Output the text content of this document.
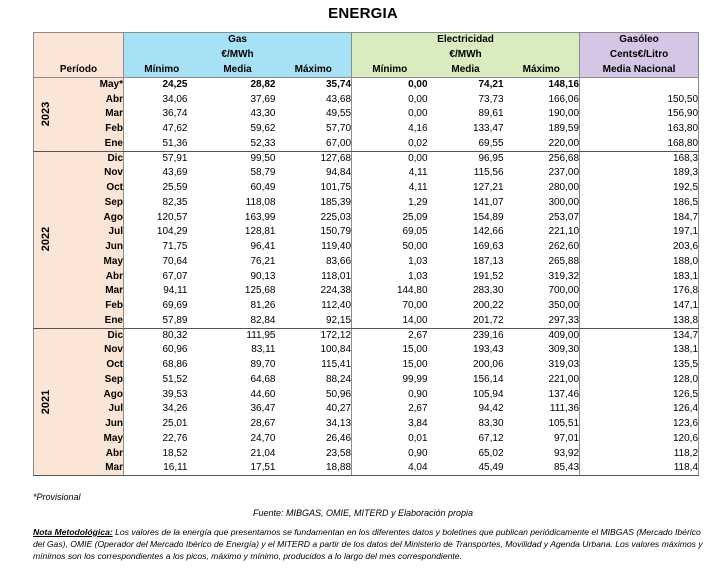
ENERGIA
		Gas			Electricidad			Gasóleo
		€/MWh			€/MWh			Cents€/Litro
Período		Mínimo	Media	Máximo	Mínimo	Media	Máximo	Media Nacional
2023	May*	24,25	28,82	35,74	0,00	74,21	148,16	
	Abr	34,06	37,69	43,68	0,00	73,73	166,06	150,50
	Mar	36,74	43,30	49,55	0,00	89,61	190,00	156,90
	Feb	47,62	59,62	57,70	4,16	133,47	189,59	163,80
	Ene	51,36	52,33	67,00	0,02	69,55	220,00	168,80
2022	Dic	57,91	99,50	127,68	0,00	96,95	256,68	168,3
	Nov	43,69	58,79	94,84	4,11	115,56	237,00	189,3
	Oct	25,59	60,49	101,75	4,11	127,21	280,00	192,5
	Sep	82,35	118,08	185,39	1,29	141,07	300,00	186,5
	Ago	120,57	163,99	225,03	25,09	154,89	253,07	184,7
	Jul	104,29	128,81	150,79	69,05	142,66	221,10	197,1
	Jun	71,75	96,41	119,40	50,00	169,63	262,60	203,6
	May	70,64	76,21	83,66	1,03	187,13	265,88	188,0
	Abr	67,07	90,13	118,01	1,03	191,52	319,32	183,1
	Mar	94,11	125,68	224,38	144,80	283,30	700,00	176,8
	Feb	69,69	81,26	112,40	70,00	200,22	350,00	147,1
	Ene	57,89	82,84	92,15	14,00	201,72	297,33	138,8
2021	Dic	80,32	111,95	172,12	2,67	239,16	409,00	134,7
	Nov	60,96	83,11	100,84	15,00	193,43	309,30	138,1
	Oct	68,86	89,70	115,41	15,00	200,06	319,03	135,5
	Sep	51,52	64,68	88,24	99,99	156,14	221,00	128,0
	Ago	39,53	44,60	50,96	0,90	105,94	137,46	126,5
	Jul	34,26	36,47	40,27	2,67	94,42	111,36	126,4
	Jun	25,01	28,67	34,13	3,84	83,30	105,51	123,6
	May	22,76	24,70	26,46	0,01	67,12	97,01	120,6
	Abr	18,52	21,04	23,58	0,90	65,02	93,92	118,2
	Mar	16,11	17,51	18,88	4,04	45,49	85,43	118,4
*Provisional
Fuente: MIBGAS, OMIE, MITERD y Elaboración propia
Nota Metodológica: Los valores de la energía que presentamos se fundamentan en los diferentes datos y boletines que publican periódicamente el MIBGAS (Mercado Ibérico del Gas), OMIE (Operador del Mercado Ibérico de Energía) y el MITERD a partir de los datos del Ministerio de Transportes, Movilidad y Agenda Urbana. Los valores máximos y mínimos son los correspondientes a los picos, máximo y mínimo, producidos a lo largo del mes correspondiente.
